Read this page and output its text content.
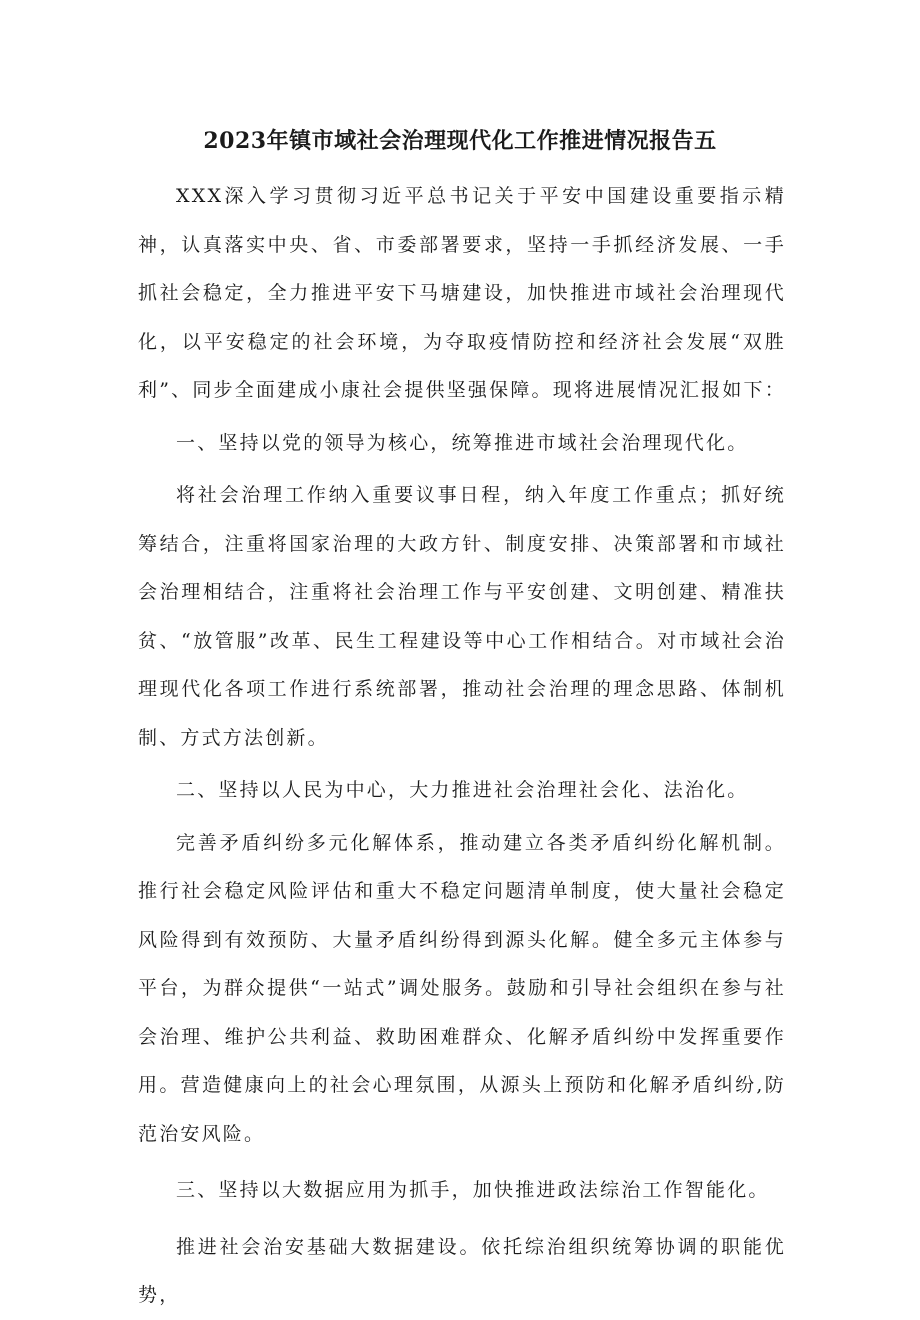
2023年镇市域社会治理现代化工作推进情况报告五

XXX深入学习贯彻习近平总书记关于平安中国建设重要指示精神，认真落实中央、省、市委部署要求，坚持一手抓经济发展、一手抓社会稳定，全力推进平安下马塘建设，加快推进市域社会治理现代化，以平安稳定的社会环境，为夺取疫情防控和经济社会发展“双胜利”、同步全面建成小康社会提供坚强保障。现将进展情况汇报如下：

一、坚持以党的领导为核心，统筹推进市域社会治理现代化。

将社会治理工作纳入重要议事日程，纳入年度工作重点；抓好统筹结合，注重将国家治理的大政方针、制度安排、决策部署和市域社会治理相结合，注重将社会治理工作与平安创建、文明创建、精准扶贫、“放管服”改革、民生工程建设等中心工作相结合。对市域社会治理现代化各项工作进行系统部署，推动社会治理的理念思路、体制机制、方式方法创新。

二、坚持以人民为中心，大力推进社会治理社会化、法治化。

完善矛盾纠纷多元化解体系，推动建立各类矛盾纠纷化解机制。推行社会稳定风险评估和重大不稳定问题清单制度，使大量社会稳定风险得到有效预防、大量矛盾纠纷得到源头化解。健全多元主体参与平台，为群众提供“一站式”调处服务。鼓励和引导社会组织在参与社会治理、维护公共利益、救助困难群众、化解矛盾纠纷中发挥重要作用。营造健康向上的社会心理氛围，从源头上预防和化解矛盾纠纷,防范治安风险。

三、坚持以大数据应用为抓手，加快推进政法综治工作智能化。

推进社会治安基础大数据建设。依托综治组织统筹协调的职能优势，
